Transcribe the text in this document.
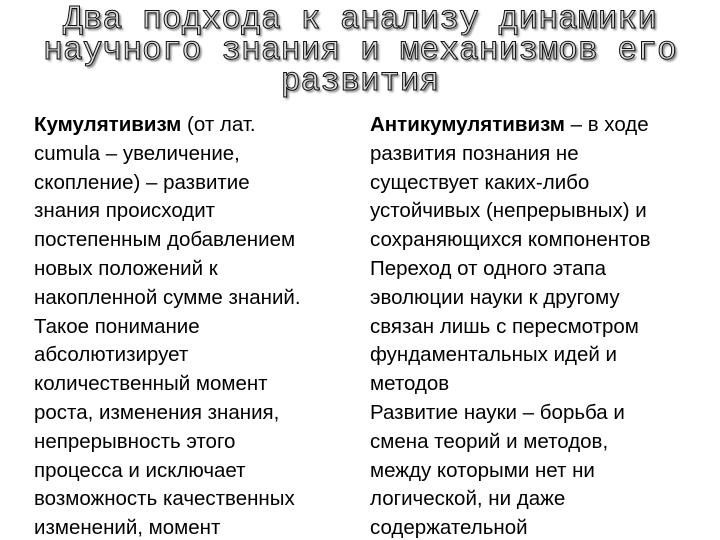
Два подхода к анализу динамики
научного знания и механизмов его
развития
Кумулятивизм (от лат.
cumula – увеличение,
скопление) – развитие
знания происходит
постепенным добавлением
новых положений к
накопленной сумме знаний.
Такое понимание
абсолютизирует
количественный момент
роста, изменения знания,
непрерывность этого
процесса и исключает
возможность качественных
изменений, момент
Антикумулятивизм – в ходе
развития познания не
существует каких-либо
устойчивых (непрерывных) и
сохраняющихся компонентов
Переход от одного этапа
эволюции науки к другому
связан лишь с пересмотром
фундаментальных идей и
методов
Развитие науки – борьба и
смена теорий и методов,
между которыми нет ни
логической, ни даже
содержательной
